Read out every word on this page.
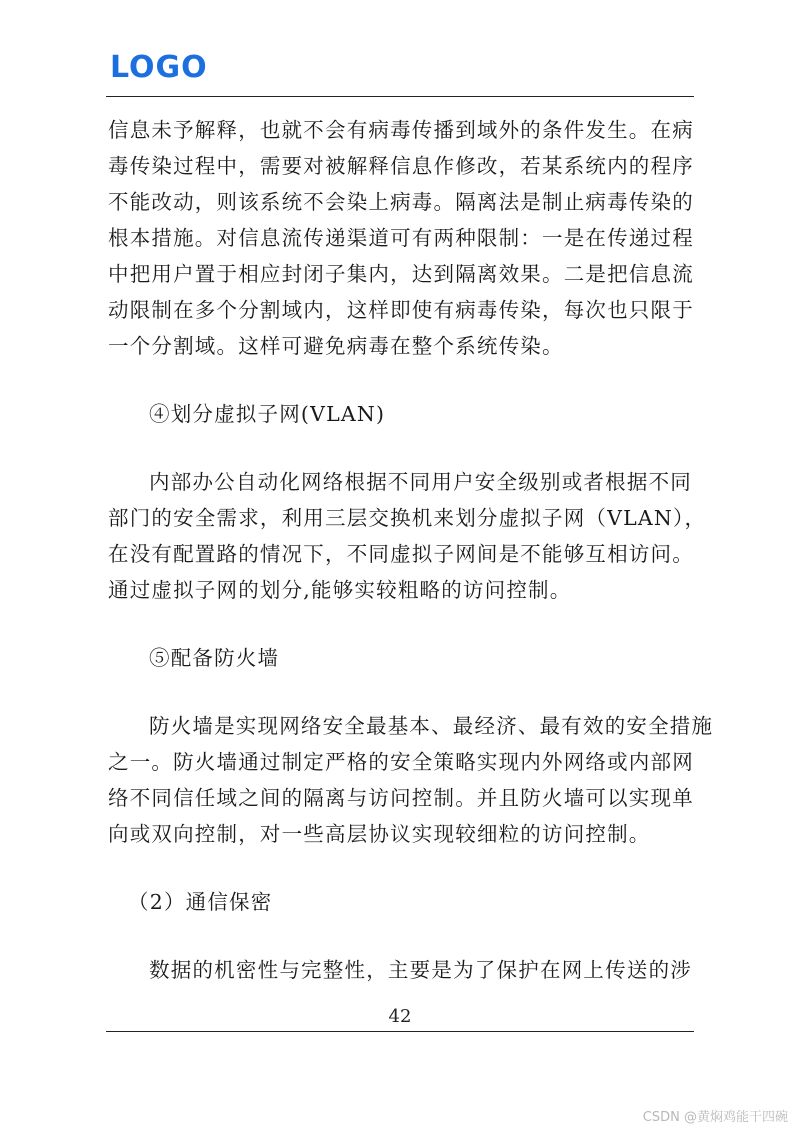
LOGO
信息未予解释，也就不会有病毒传播到域外的条件发生。在病
毒传染过程中，需要对被解释信息作修改，若某系统内的程序
不能改动，则该系统不会染上病毒。隔离法是制止病毒传染的
根本措施。对信息流传递渠道可有两种限制：一是在传递过程
中把用户置于相应封闭子集内，达到隔离效果。二是把信息流
动限制在多个分割域内，这样即使有病毒传染，每次也只限于
一个分割域。这样可避免病毒在整个系统传染。
④划分虚拟子网(VLAN)
内部办公自动化网络根据不同用户安全级别或者根据不同
部门的安全需求，利用三层交换机来划分虚拟子网（VLAN），
在没有配置路的情况下，不同虚拟子网间是不能够互相访问。
通过虚拟子网的划分,能够实较粗略的访问控制。
⑤配备防火墙
防火墙是实现网络安全最基本、最经济、最有效的安全措施
之一。防火墙通过制定严格的安全策略实现内外网络或内部网
络不同信任域之间的隔离与访问控制。并且防火墙可以实现单
向或双向控制，对一些高层协议实现较细粒的访问控制。
（2）通信保密
数据的机密性与完整性，主要是为了保护在网上传送的涉
42
CSDN @黄焖鸡能干四碗
